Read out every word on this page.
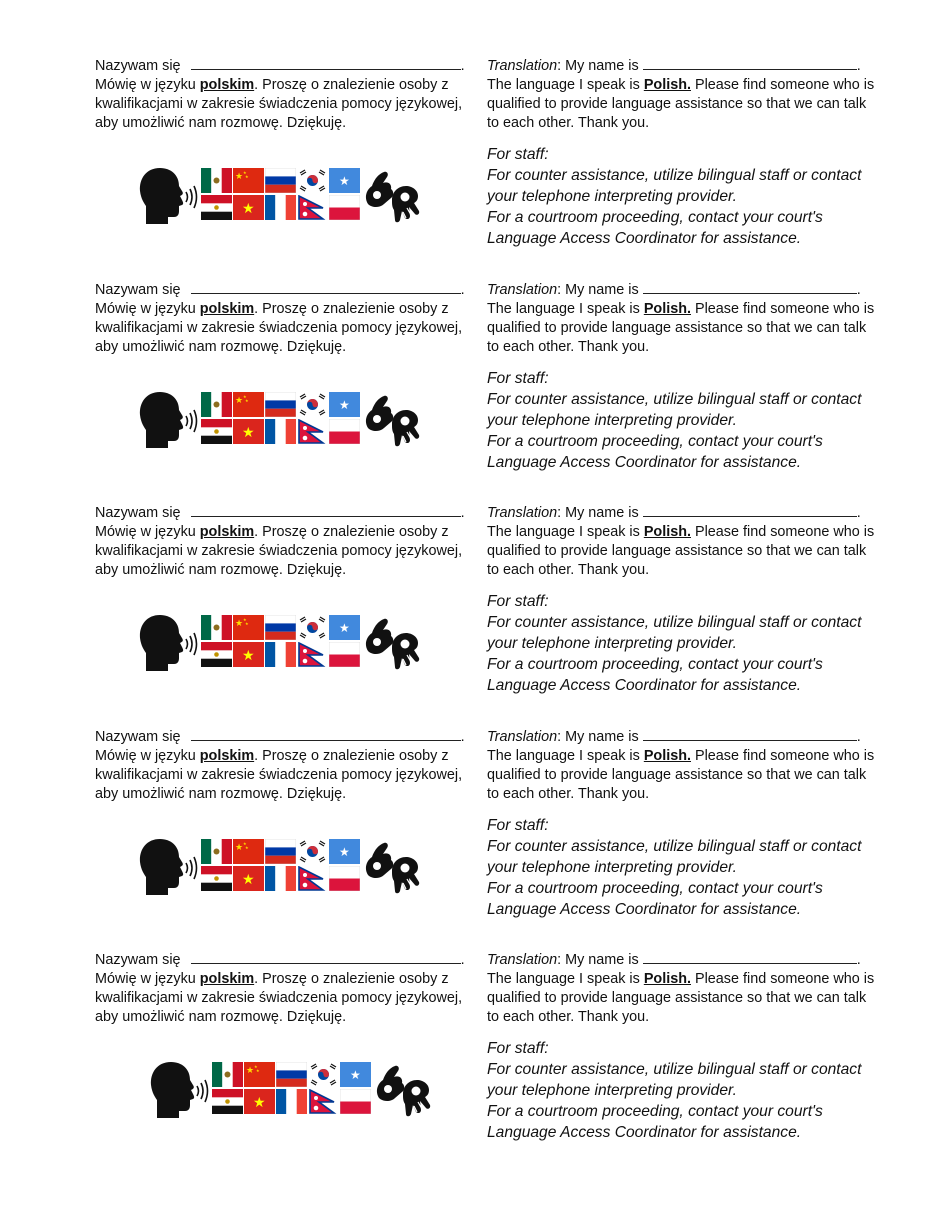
Nazywam się	.
Mówię w języku polskim. Proszę o znalezienie osoby z
kwalifikacjami w zakresie świadczenia pomocy językowej,
aby umożliwić nam rozmowę. Dziękuję.
★ ★
★	★
★
Translation: My name is	.
The language I speak is Polish. Please find someone who is
qualified to provide language assistance so that we can talk
to each other. Thank you.
For staff:
For counter assistance, utilize bilingual staff or contact
your telephone interpreting provider.
For a courtroom proceeding, contact your court's
Language Access Coordinator for assistance.
Nazywam się	.
Mówię w języku polskim. Proszę o znalezienie osoby z
kwalifikacjami w zakresie świadczenia pomocy językowej,
aby umożliwić nam rozmowę. Dziękuję.
★ ★
★	★
★
Translation: My name is	.
The language I speak is Polish. Please find someone who is
qualified to provide language assistance so that we can talk
to each other. Thank you.
For staff:
For counter assistance, utilize bilingual staff or contact
your telephone interpreting provider.
For a courtroom proceeding, contact your court's
Language Access Coordinator for assistance.
Nazywam się	.
Mówię w języku polskim. Proszę o znalezienie osoby z
kwalifikacjami w zakresie świadczenia pomocy językowej,
aby umożliwić nam rozmowę. Dziękuję.
★ ★
★	★
★
Translation: My name is	.
The language I speak is Polish. Please find someone who is
qualified to provide language assistance so that we can talk
to each other. Thank you.
For staff:
For counter assistance, utilize bilingual staff or contact
your telephone interpreting provider.
For a courtroom proceeding, contact your court's
Language Access Coordinator for assistance.
Nazywam się	.
Mówię w języku polskim. Proszę o znalezienie osoby z
kwalifikacjami w zakresie świadczenia pomocy językowej,
aby umożliwić nam rozmowę. Dziękuję.
★ ★
★	★
★
Translation: My name is	.
The language I speak is Polish. Please find someone who is
qualified to provide language assistance so that we can talk
to each other. Thank you.
For staff:
For counter assistance, utilize bilingual staff or contact
your telephone interpreting provider.
For a courtroom proceeding, contact your court's
Language Access Coordinator for assistance.
Nazywam się	.
Mówię w języku polskim. Proszę o znalezienie osoby z
kwalifikacjami w zakresie świadczenia pomocy językowej,
aby umożliwić nam rozmowę. Dziękuję.
★ ★
★	★
★
Translation: My name is	.
The language I speak is Polish. Please find someone who is
qualified to provide language assistance so that we can talk
to each other. Thank you.
For staff:
For counter assistance, utilize bilingual staff or contact
your telephone interpreting provider.
For a courtroom proceeding, contact your court's
Language Access Coordinator for assistance.
